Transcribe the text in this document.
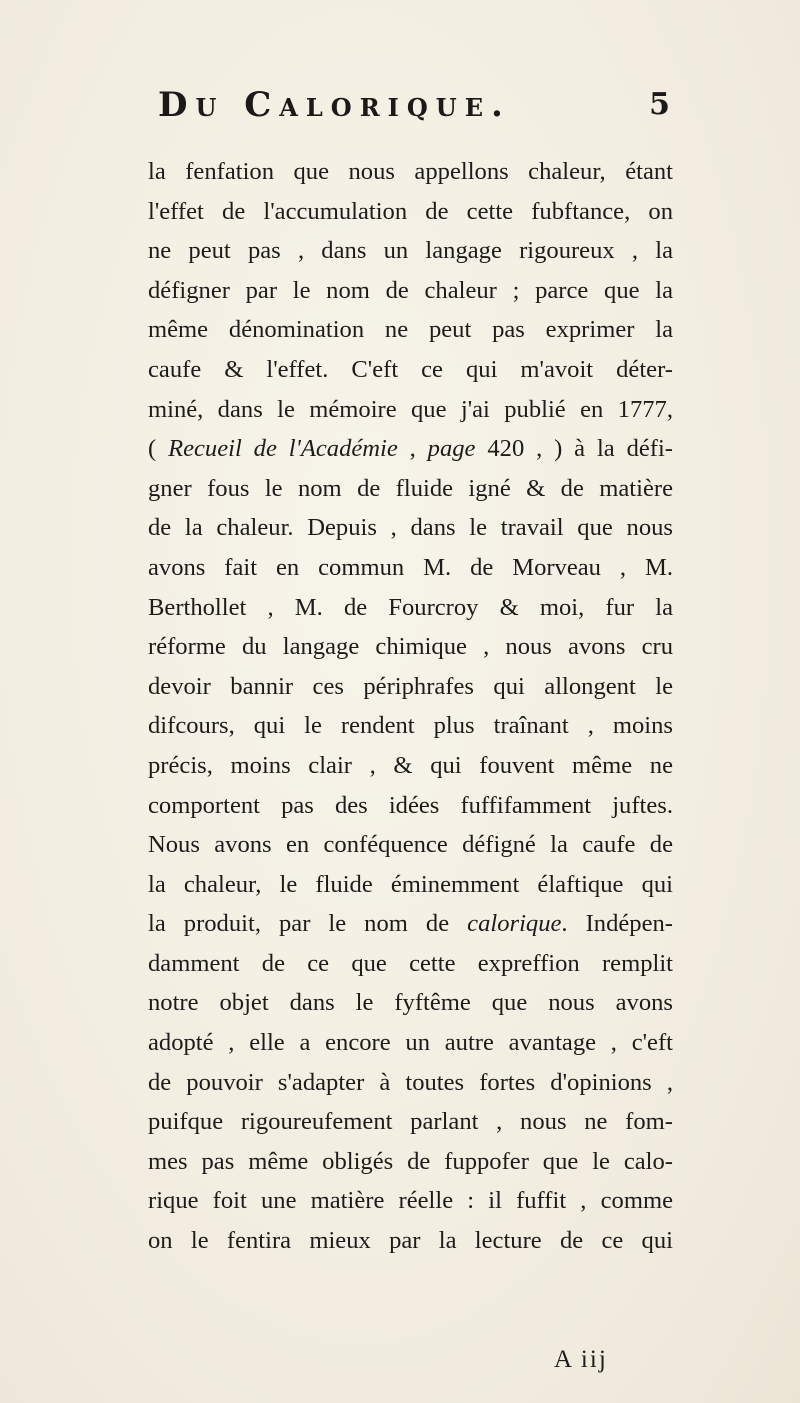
Du Calorique.	5
la fenfation que nous appellons chaleur, étant
l'effet de l'accumulation de cette fubftance, on
ne peut pas , dans un langage rigoureux , la
défigner par le nom de chaleur ; parce que la
même dénomination ne peut pas exprimer la
caufe & l'effet. C'eft ce qui m'avoit déter-
miné, dans le mémoire que j'ai publié en 1777,
( Recueil de l'Académie , page 420 , ) à la défi-
gner fous le nom de fluide igné & de matière
de la chaleur. Depuis , dans le travail que nous
avons fait en commun M. de Morveau , M.
Berthollet , M. de Fourcroy & moi, fur la
réforme du langage chimique , nous avons cru
devoir bannir ces périphrafes qui allongent le
difcours, qui le rendent plus traînant , moins
précis, moins clair , & qui fouvent même ne
comportent pas des idées fuffifamment juftes.
Nous avons en conféquence défigné la caufe de
la chaleur, le fluide éminemment élaftique qui
la produit, par le nom de calorique. Indépen-
damment de ce que cette expreffion remplit
notre objet dans le fyftême que nous avons
adopté , elle a encore un autre avantage , c'eft
de pouvoir s'adapter à toutes fortes d'opinions ,
puifque rigoureufement parlant , nous ne fom-
mes pas même obligés de fuppofer que le calo-
rique foit une matière réelle : il fuffit , comme
on le fentira mieux par la lecture de ce qui
A iij
